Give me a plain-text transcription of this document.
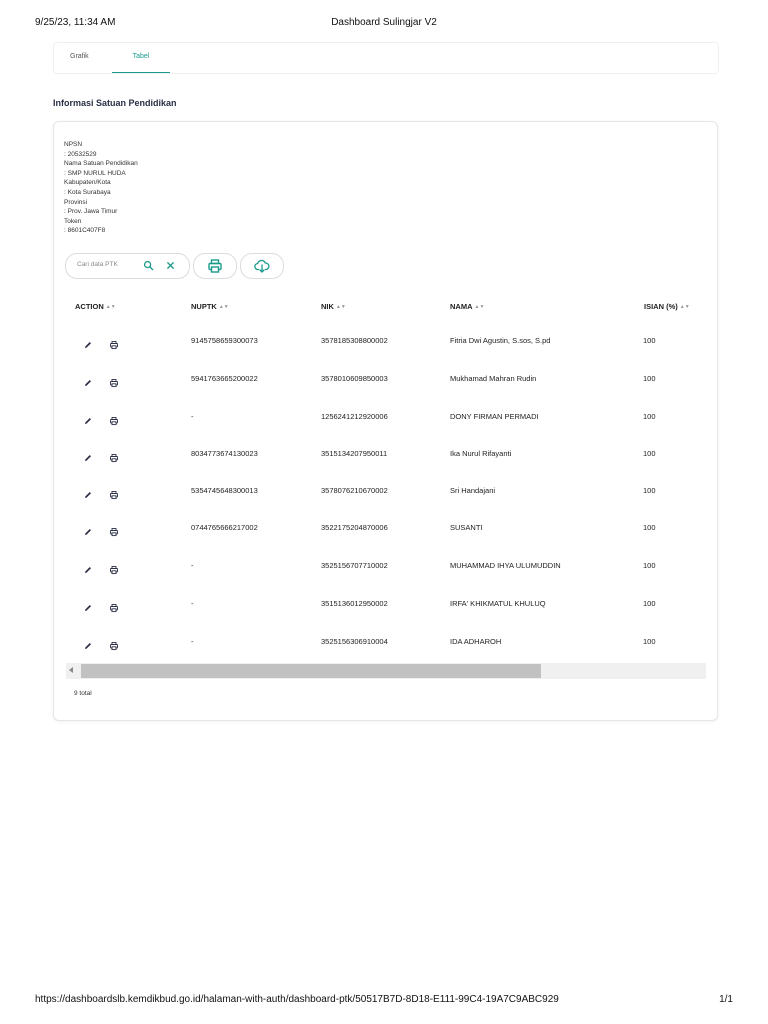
9/25/23, 11:34 AM	Dashboard Sulingjar V2
Grafik	Tabel
Informasi Satuan Pendidikan
NPSN
: 20532529
Nama Satuan Pendidikan
: SMP NURUL HUDA
Kabupaten/Kota
: Kota Surabaya
Provinsi
: Prov. Jawa Timur
Token
: 8601C407F8
Cari data PTK
ACTION ▲▼	NUPTK ▲▼	NIK ▲▼	NAMA ▲▼	ISIAN (%) ▲▼
9145758659300073	3578185308800002	Fitria Dwi Agustin, S.sos, S.pd	100
5941763665200022	3578010609850003	Mukhamad Mahran Rudin	100
-	1256241212920006	DONY FIRMAN PERMADI	100
8034773674130023	3515134207950011	Ika Nurul Rifayanti	100
5354745648300013	3578076210670002	Sri Handajani	100
0744765666217002	3522175204870006	SUSANTI	100
-	3525156707710002	MUHAMMAD IHYA ULUMUDDIN	100
-	3515136012950002	IRFA' KHIKMATUL KHULUQ	100
-	3525156306910004	IDA ADHAROH	100
9 total
https://dashboardslb.kemdikbud.go.id/halaman-with-auth/dashboard-ptk/50517B7D-8D18-E111-99C4-19A7C9ABC929	1/1
